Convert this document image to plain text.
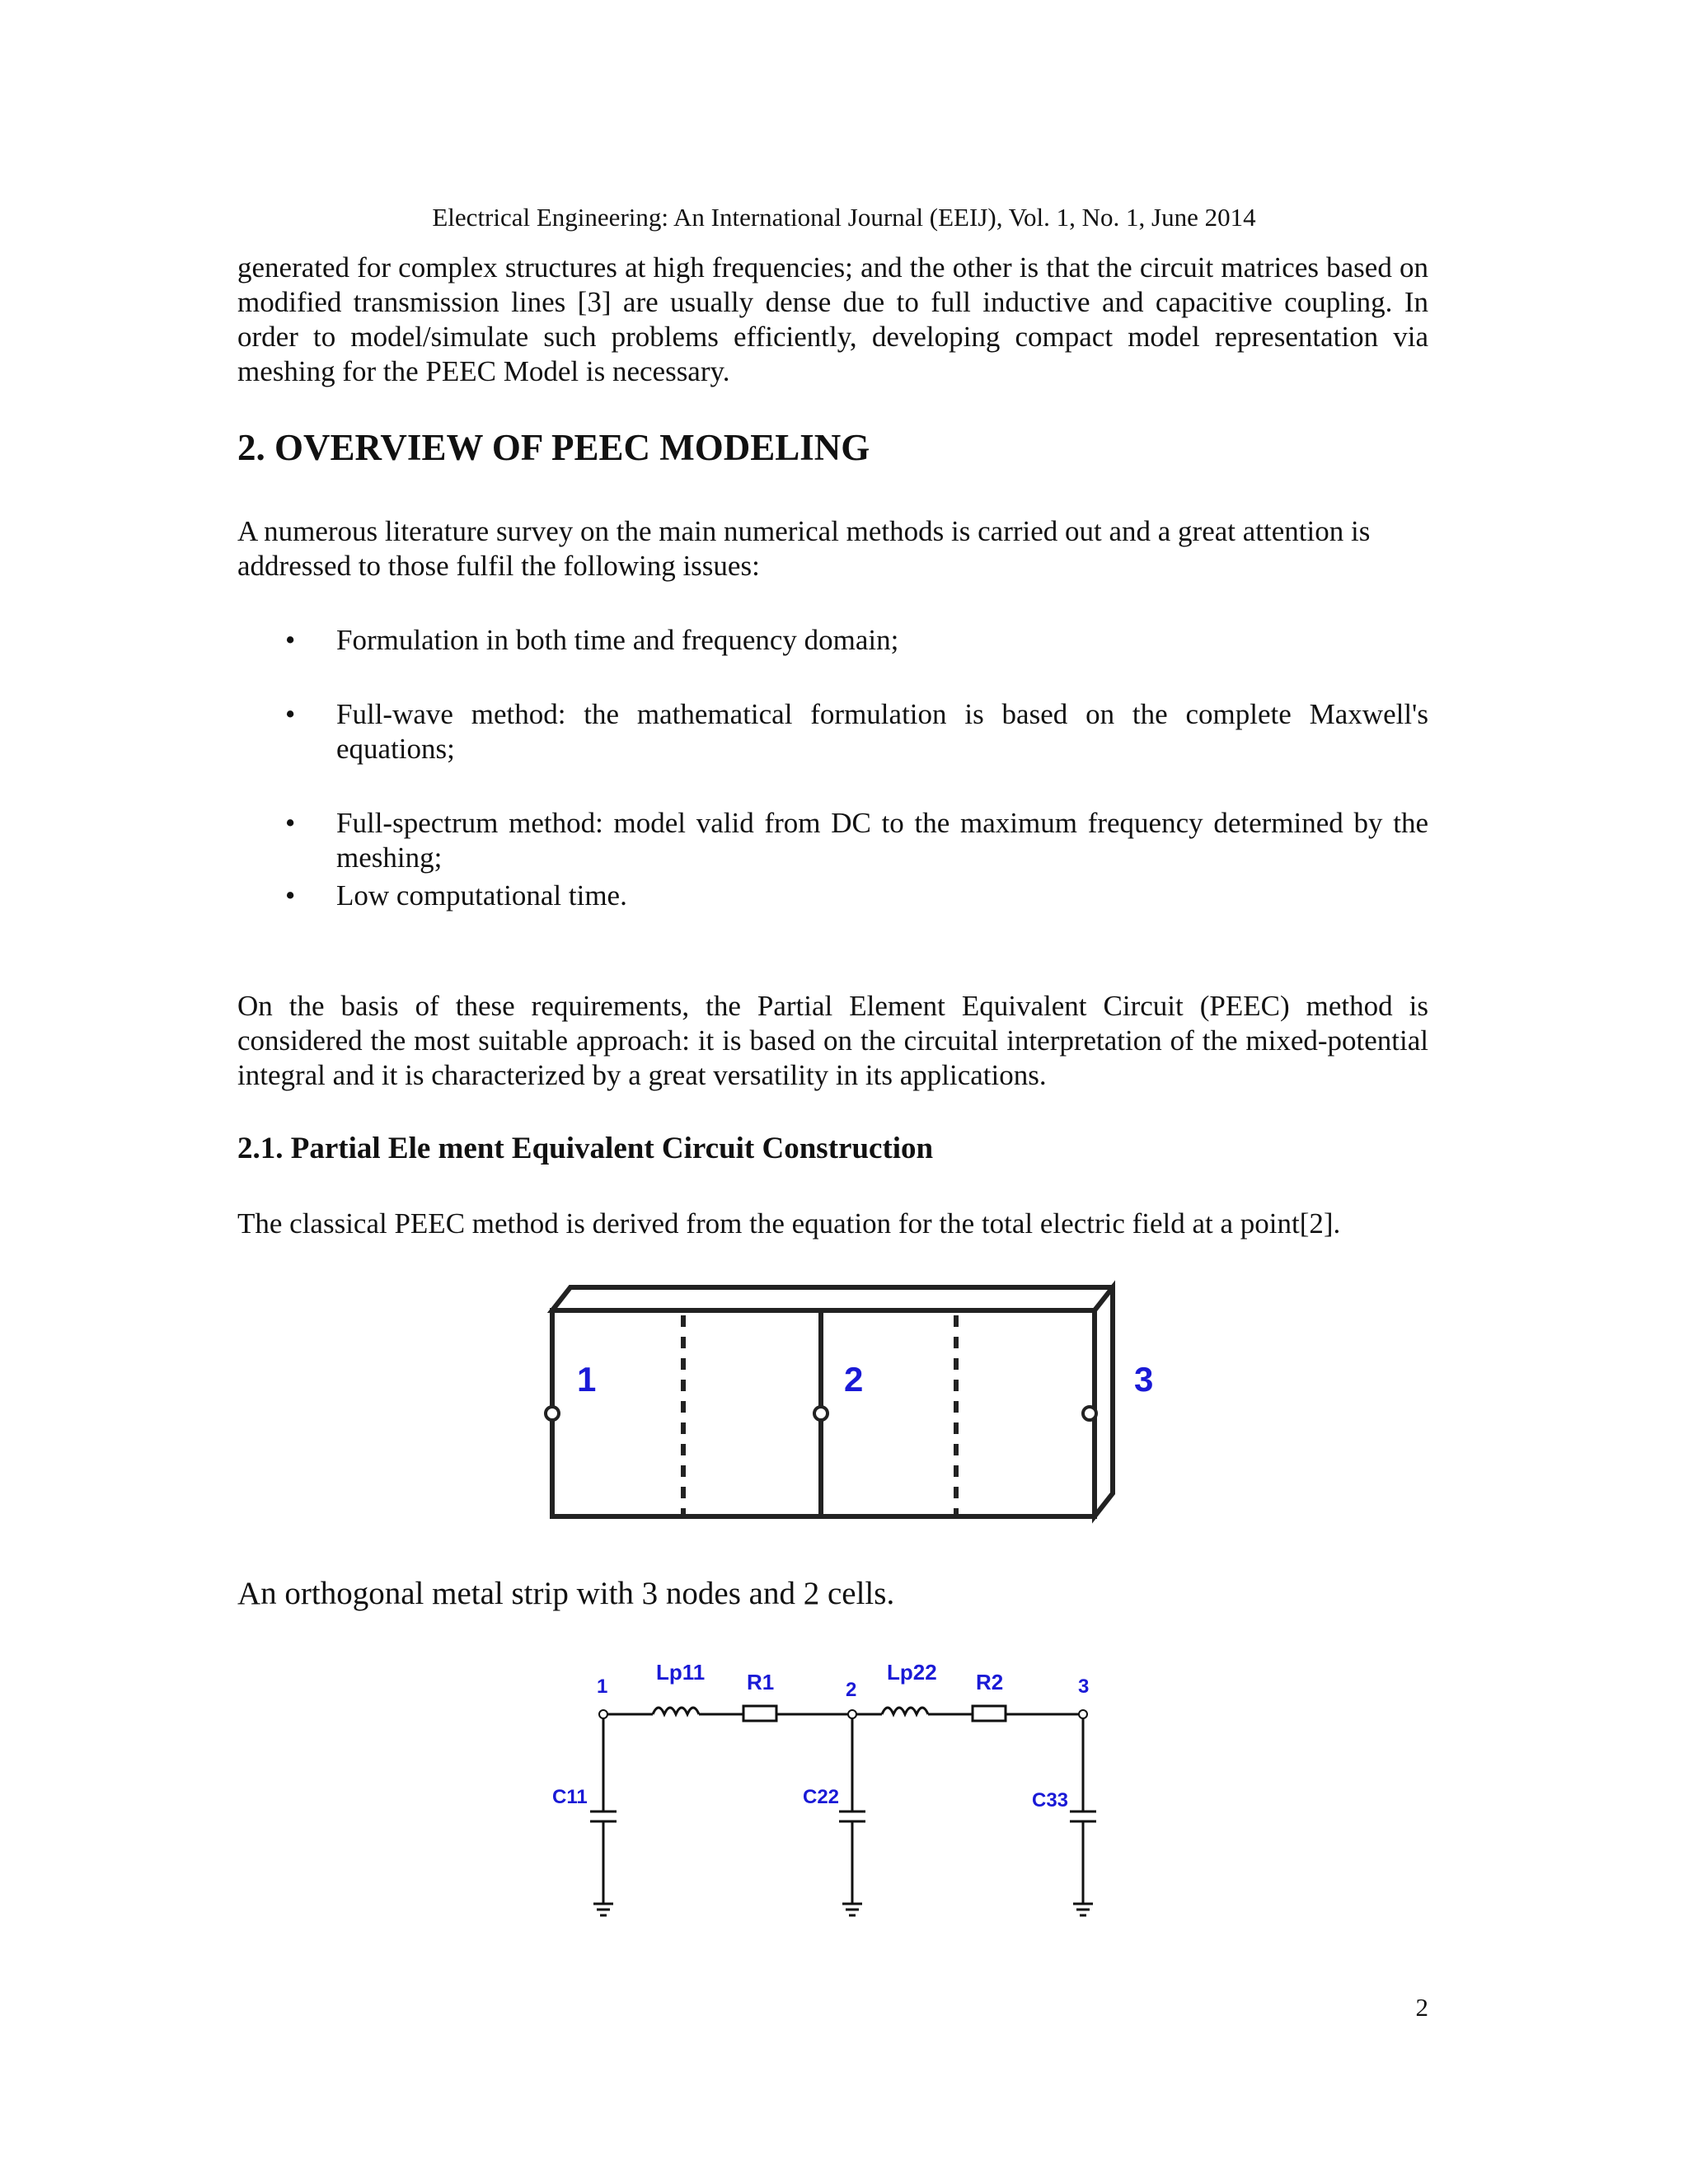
Electrical Engineering: An International Journal (EEIJ), Vol. 1, No. 1, June 2014

generated for complex structures at high frequencies; and the other is that the circuit matrices based on modified transmission lines [3] are usually dense due to full inductive and capacitive coupling. In order to model/simulate such problems efficiently, developing compact model representation via meshing for the PEEC Model is necessary.

2. OVERVIEW OF PEEC MODELING

A numerous literature survey on the main numerical methods is carried out and a great attention is addressed to those fulfil the following issues:

• Formulation in both time and frequency domain;
• Full-wave method: the mathematical formulation is based on the complete Maxwell's equations;
• Full-spectrum method: model valid from DC to the maximum frequency determined by the meshing;
• Low computational time.

On the basis of these requirements, the Partial Element Equivalent Circuit (PEEC) method is considered the most suitable approach: it is based on the circuital interpretation of the mixed-potential integral and it is characterized by a great versatility in its applications.

2.1. Partial Ele ment Equivalent Circuit Construction

The classical PEEC method is derived from the equation for the total electric field at a point[2].

1	2	3
An orthogonal metal strip with 3 nodes and 2 cells.
1	2	3
Lp11	Lp22
R1	R2
C11	C22	C33
2
